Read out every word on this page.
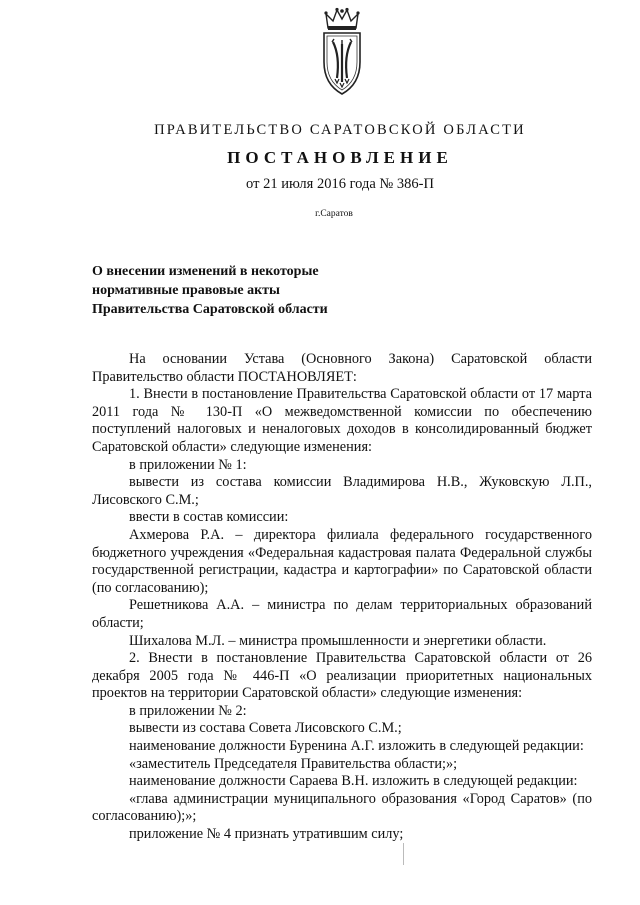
ПРАВИТЕЛЬСТВО САРАТОВСКОЙ ОБЛАСТИ
ПОСТАНОВЛЕНИЕ
от 21 июля 2016 года № 386-П
г.Саратов
О внесении изменений в некоторые
нормативные правовые акты
Правительства Саратовской области

На основании Устава (Основного Закона) Саратовской области Правительство области ПОСТАНОВЛЯЕТ:

1. Внести в постановление Правительства Саратовской области от 17 марта 2011 года № 130-П «О межведомственной комиссии по обеспечению поступлений налоговых и неналоговых доходов в консолидированный бюджет Саратовской области» следующие изменения:

в приложении № 1:

вывести из состава комиссии Владимирова Н.В., Жуковскую Л.П., Лисовского С.М.;

ввести в состав комиссии:

Ахмерова Р.А. – директора филиала федерального государственного бюджетного учреждения «Федеральная кадастровая палата Федеральной службы государственной регистрации, кадастра и картографии» по Саратовской области (по согласованию);

Решетникова А.А. – министра по делам территориальных образований области;

Шихалова М.Л. – министра промышленности и энергетики области.

2. Внести в постановление Правительства Саратовской области от 26 декабря 2005 года № 446-П «О реализации приоритетных национальных проектов на территории Саратовской области» следующие изменения:

в приложении № 2:

вывести из состава Совета Лисовского С.М.;

наименование должности Буренина А.Г. изложить в следующей редакции:

«заместитель Председателя Правительства области;»;

наименование должности Сараева В.Н. изложить в следующей редакции:

«глава администрации муниципального образования «Город Саратов» (по согласованию);»;

приложение № 4 признать утратившим силу;
